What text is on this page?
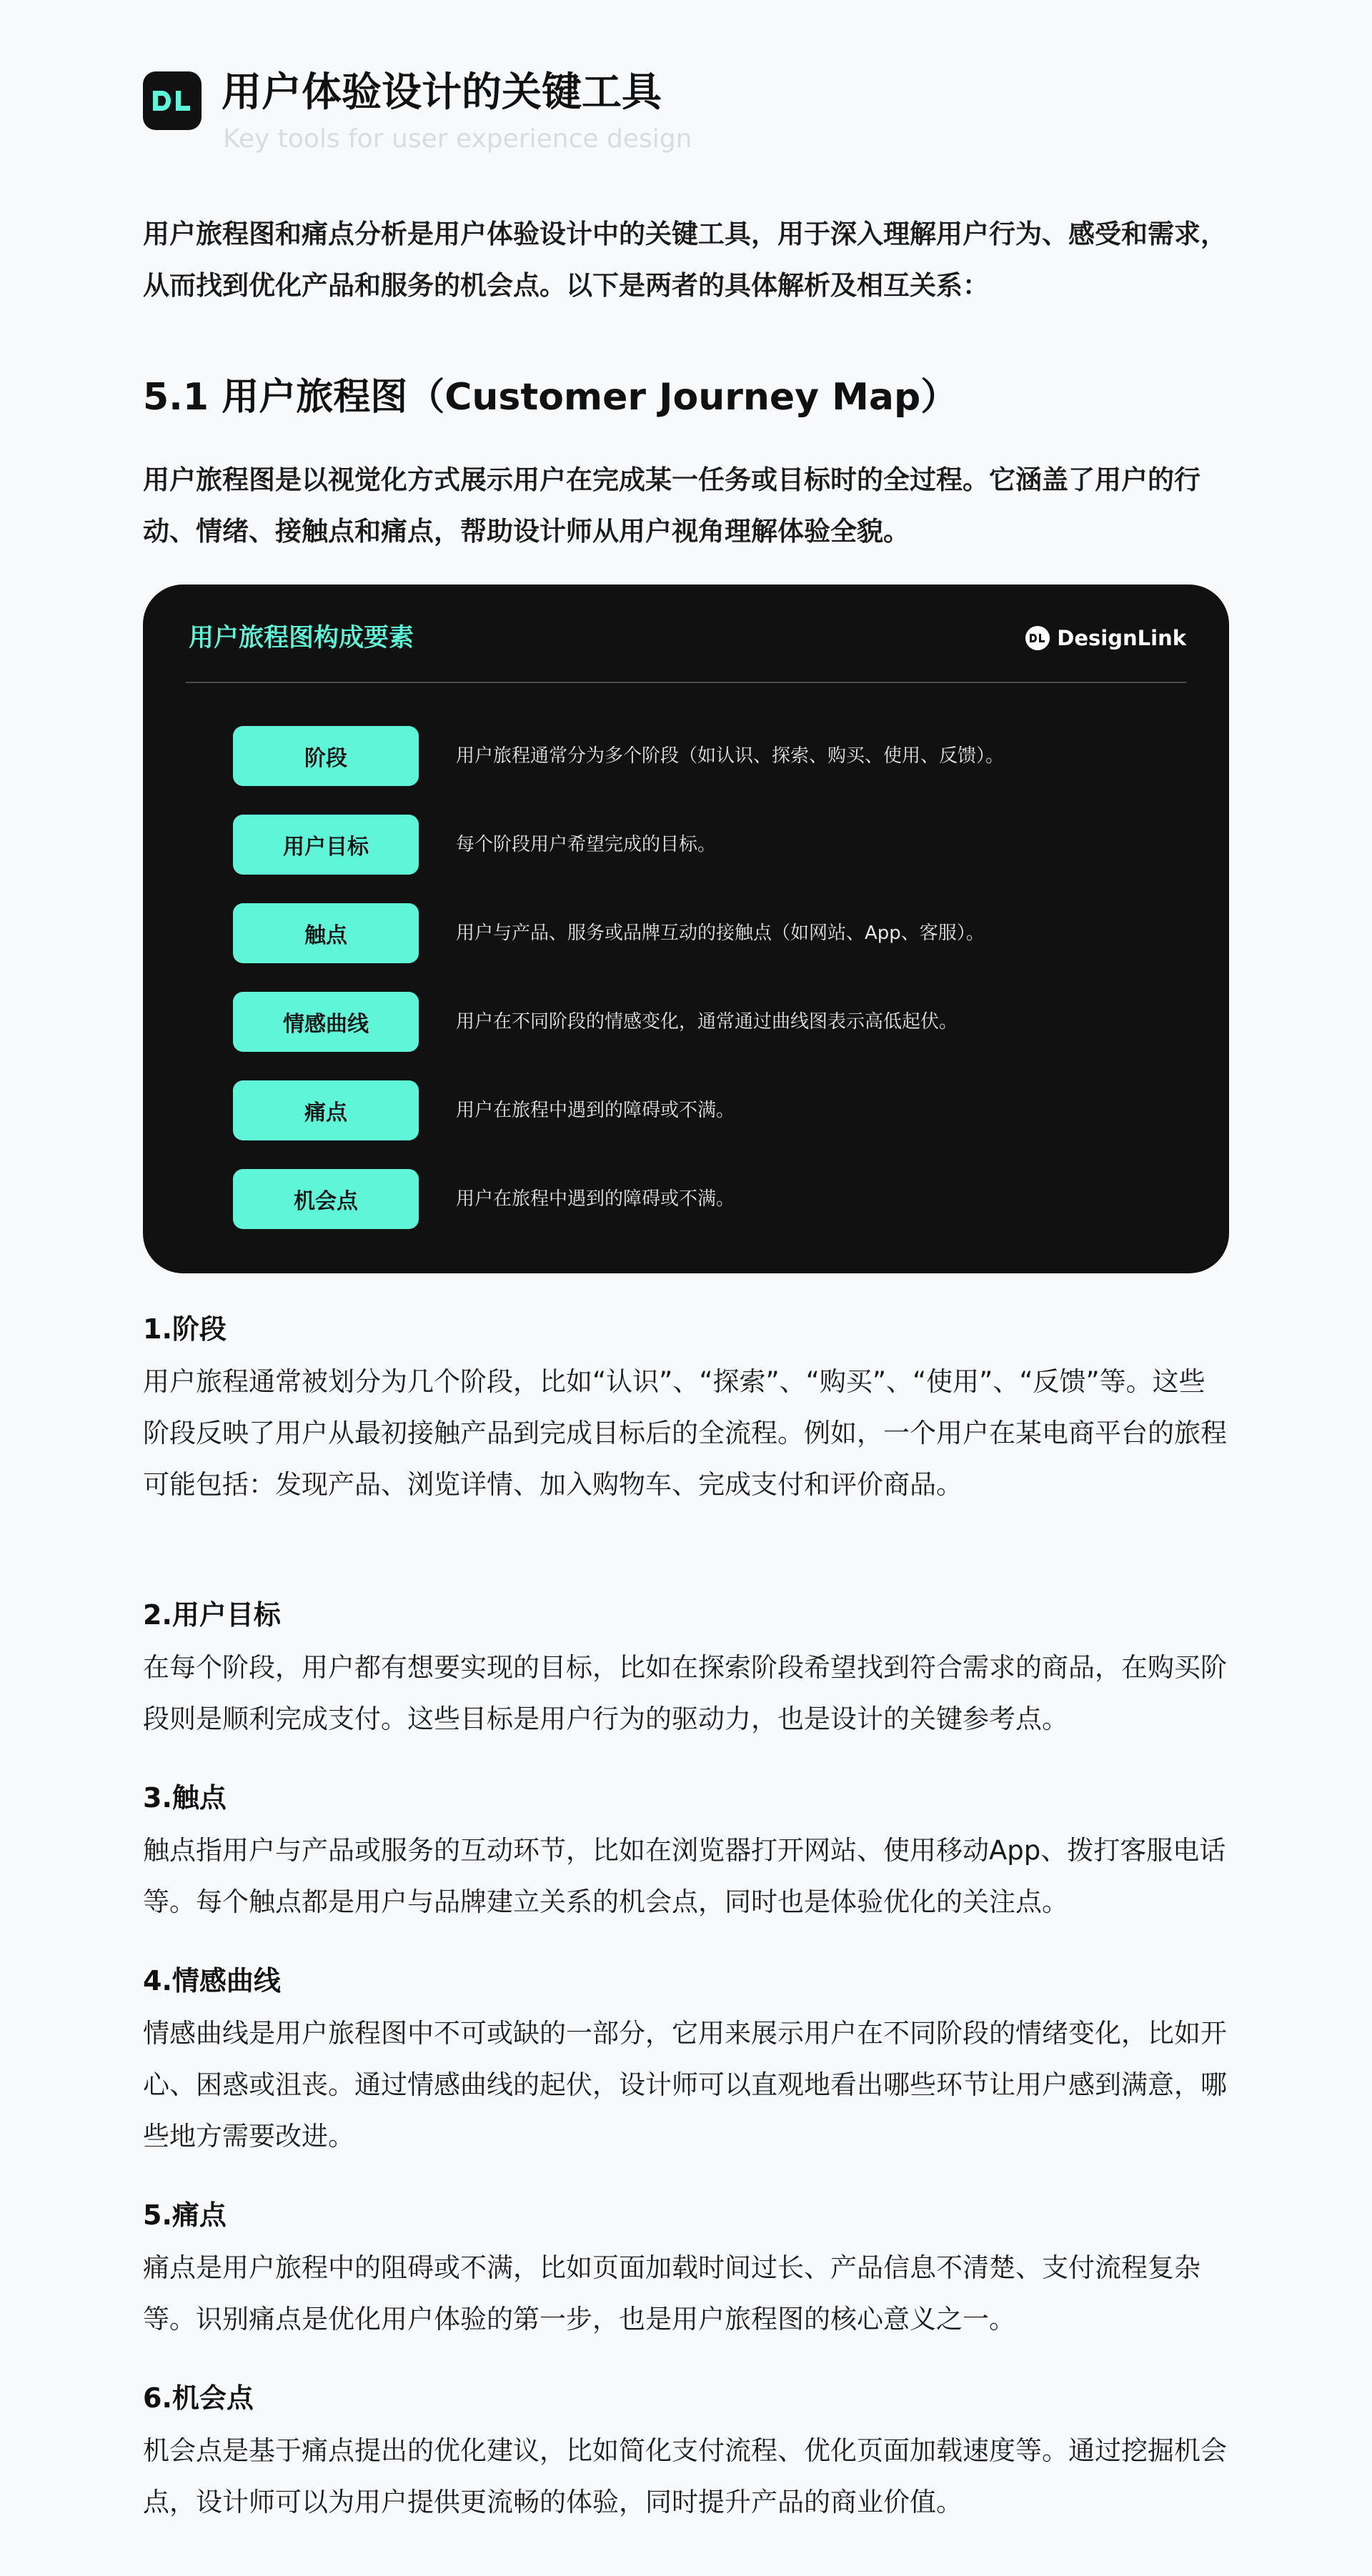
用户体验设计的关键工具
Key tools for user experience design
用户旅程图和痛点分析是用户体验设计中的关键工具，用于深入理解用户行为、感受和需求，从而找到优化产品和服务的机会点。以下是两者的具体解析及相互关系：
5.1 用户旅程图（Customer Journey Map）
用户旅程图是以视觉化方式展示用户在完成某一任务或目标时的全过程。它涵盖了用户的行动、情绪、接触点和痛点，帮助设计师从用户视角理解体验全貌。
用户旅程图构成要素	DesignLink
阶段	用户旅程通常分为多个阶段（如认识、探索、购买、使用、反馈）。
用户目标	每个阶段用户希望完成的目标。
触点	用户与产品、服务或品牌互动的接触点（如网站、App、客服）。
情感曲线	用户在不同阶段的情感变化，通常通过曲线图表示高低起伏。
痛点	用户在旅程中遇到的障碍或不满。
机会点	用户在旅程中遇到的障碍或不满。
1.阶段
用户旅程通常被划分为几个阶段，比如“认识”、“探索”、“购买”、“使用”、“反馈”等。这些阶段反映了用户从最初接触产品到完成目标后的全流程。例如，一个用户在某电商平台的旅程可能包括：发现产品、浏览详情、加入购物车、完成支付和评价商品。
2.用户目标
在每个阶段，用户都有想要实现的目标，比如在探索阶段希望找到符合需求的商品，在购买阶段则是顺利完成支付。这些目标是用户行为的驱动力，也是设计的关键参考点。
3.触点
触点指用户与产品或服务的互动环节，比如在浏览器打开网站、使用移动App、拨打客服电话等。每个触点都是用户与品牌建立关系的机会点，同时也是体验优化的关注点。
4.情感曲线
情感曲线是用户旅程图中不可或缺的一部分，它用来展示用户在不同阶段的情绪变化，比如开心、困惑或沮丧。通过情感曲线的起伏，设计师可以直观地看出哪些环节让用户感到满意，哪些地方需要改进。
5.痛点
痛点是用户旅程中的阻碍或不满，比如页面加载时间过长、产品信息不清楚、支付流程复杂等。识别痛点是优化用户体验的第一步，也是用户旅程图的核心意义之一。
6.机会点
机会点是基于痛点提出的优化建议，比如简化支付流程、优化页面加载速度等。通过挖掘机会点，设计师可以为用户提供更流畅的体验，同时提升产品的商业价值。
